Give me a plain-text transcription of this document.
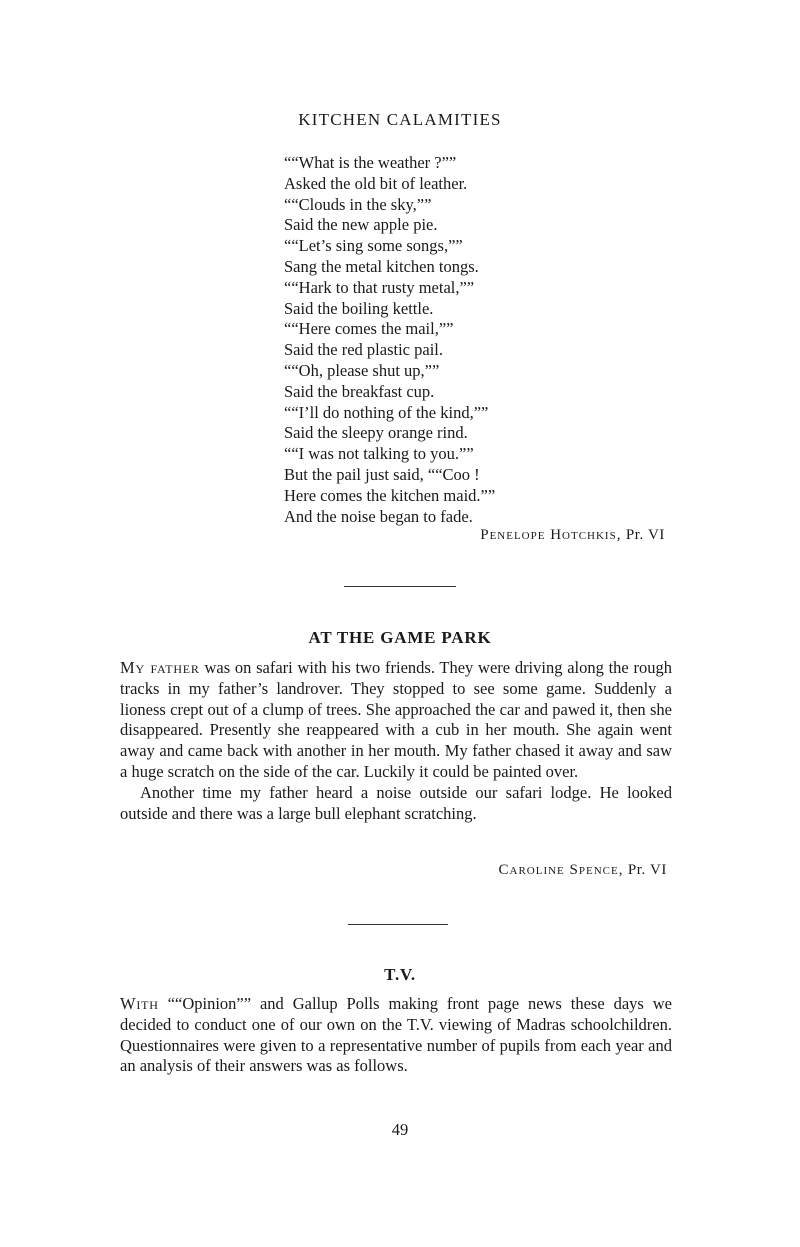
KITCHEN CALAMITIES
““What is the weather ?””
Asked the old bit of leather.
““Clouds in the sky,””
Said the new apple pie.
““Let’s sing some songs,””
Sang the metal kitchen tongs.
““Hark to that rusty metal,””
Said the boiling kettle.
““Here comes the mail,””
Said the red plastic pail.
““Oh, please shut up,””
Said the breakfast cup.
““I’ll do nothing of the kind,””
Said the sleepy orange rind.
““I was not talking to you.””
But the pail just said, ““Coo !
Here comes the kitchen maid.””
And the noise began to fade.
Penelope Hotchkis, Pr. VI
AT THE GAME PARK

My father was on safari with his two friends. They were driving along the rough tracks in my father’s landrover. They stopped to see some game. Suddenly a lioness crept out of a clump of trees. She approached the car and pawed it, then she disappeared. Presently she reappeared with a cub in her mouth. She again went away and came back with another in her mouth. My father chased it away and saw a huge scratch on the side of the car. Luckily it could be painted over.

Another time my father heard a noise outside our safari lodge. He looked outside and there was a large bull elephant scratching.

Caroline Spence, Pr. VI
T.V.

With ““Opinion”” and Gallup Polls making front page news these days we decided to conduct one of our own on the T.V. viewing of Madras schoolchildren. Questionnaires were given to a representative number of pupils from each year and an analysis of their answers was as follows.

49
